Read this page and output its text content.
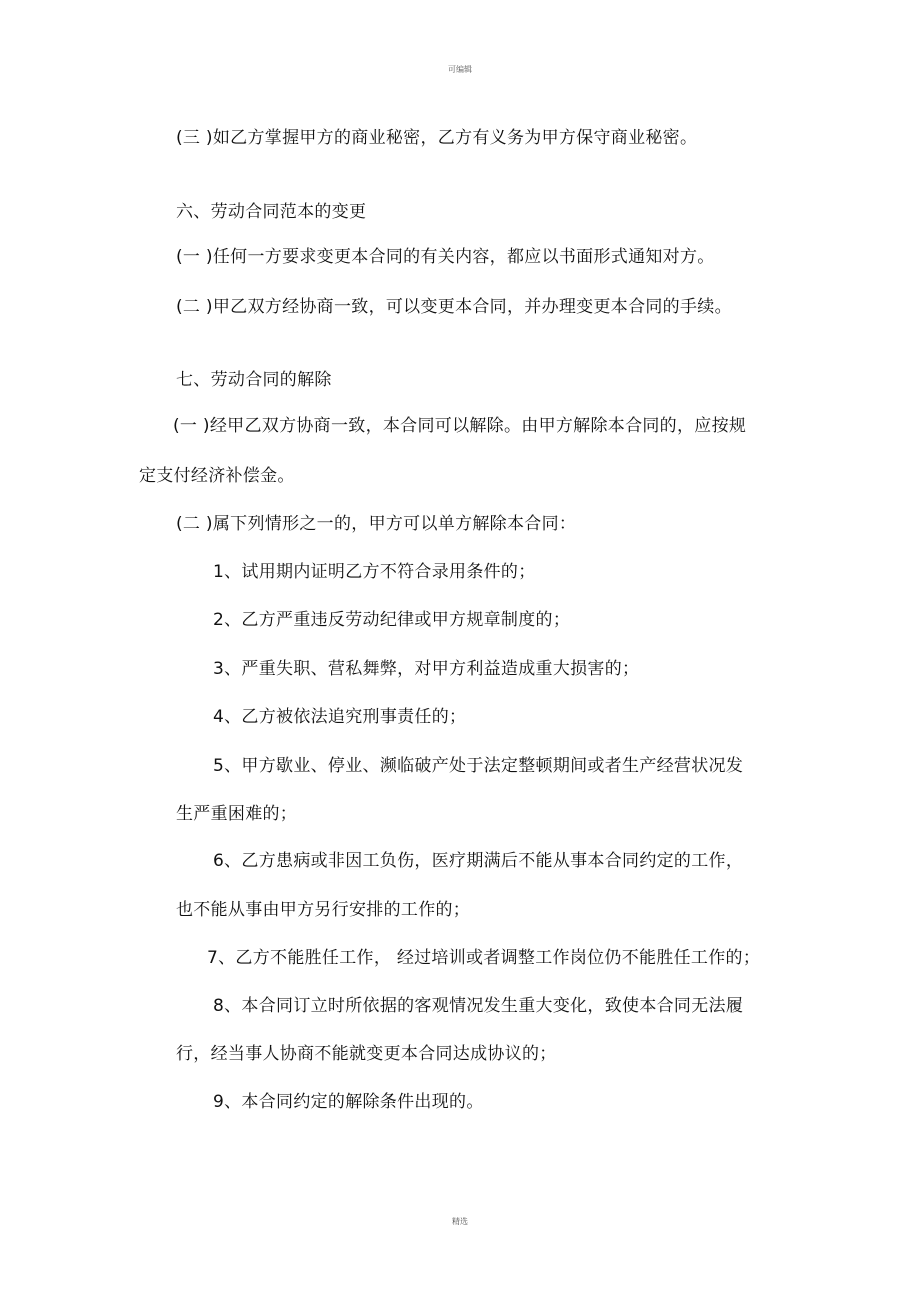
可编辑
(三 )如乙方掌握甲方的商业秘密，乙方有义务为甲方保守商业秘密。
六、劳动合同范本的变更
(一 )任何一方要求变更本合同的有关内容，都应以书面形式通知对方。
(二 )甲乙双方经协商一致，可以变更本合同，并办理变更本合同的手续。
七、劳动合同的解除
(一 )经甲乙双方协商一致，本合同可以解除。由甲方解除本合同的，应按规
定支付经济补偿金。
(二 )属下列情形之一的，甲方可以单方解除本合同：
1、试用期内证明乙方不符合录用条件的；
2、乙方严重违反劳动纪律或甲方规章制度的；
3、严重失职、营私舞弊，对甲方利益造成重大损害的；
4、乙方被依法追究刑事责任的；
5、甲方歇业、停业、濒临破产处于法定整顿期间或者生产经营状况发
生严重困难的；
6、乙方患病或非因工负伤，医疗期满后不能从事本合同约定的工作，
也不能从事由甲方另行安排的工作的；
7、乙方不能胜任工作， 经过培训或者调整工作岗位仍不能胜任工作的；
8、本合同订立时所依据的客观情况发生重大变化，致使本合同无法履
行，经当事人协商不能就变更本合同达成协议的；
9、本合同约定的解除条件出现的。
精选
